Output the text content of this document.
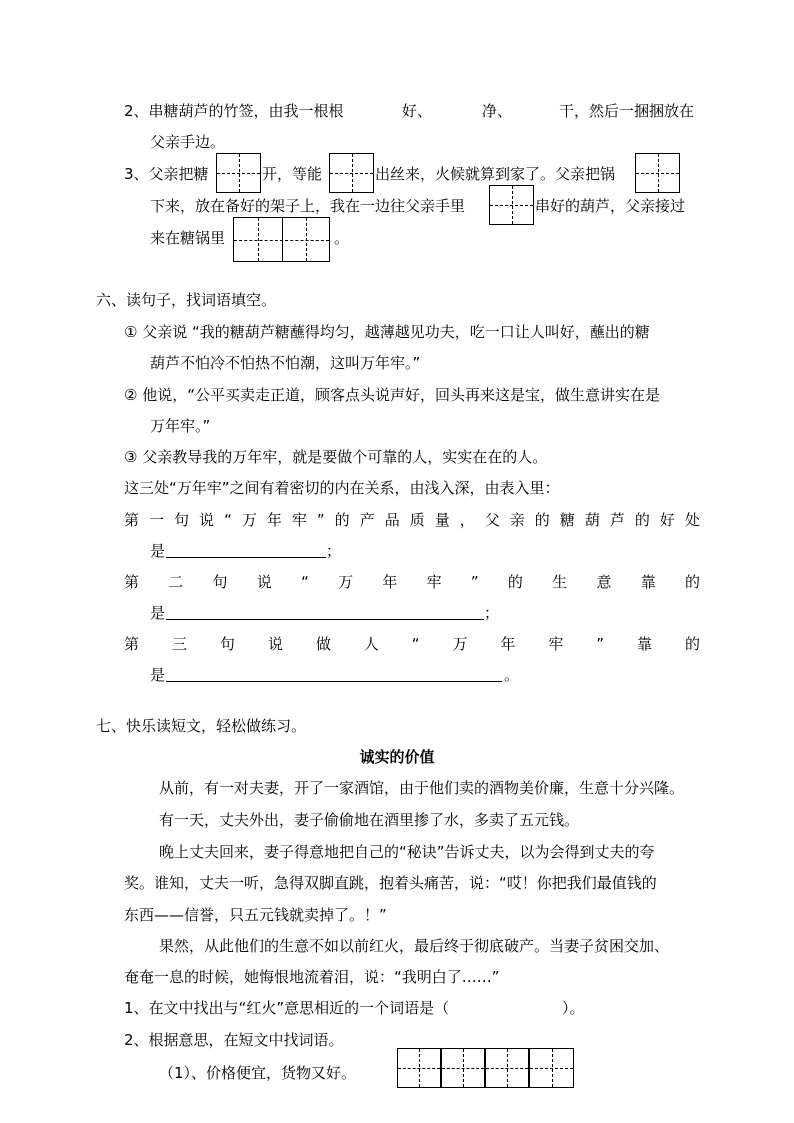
2、串糖葫芦的竹签，由我一根根	好、	净、	干，然后一捆捆放在
父亲手边。
3、父亲把糖	开，等能	出丝来，火候就算到家了。父亲把锅
下来，放在备好的架子上，我在一边往父亲手里	串好的葫芦，父亲接过
来在糖锅里	。
六、读句子，找词语填空。
① 父亲说 “我的糖葫芦糖蘸得均匀，越薄越见功夫，吃一口让人叫好，蘸出的糖
葫芦不怕冷不怕热不怕潮，这叫万年牢。”
② 他说，“公平买卖走正道，顾客点头说声好，回头再来这是宝，做生意讲实在是
万年牢。”
③ 父亲教导我的万年牢，就是要做个可靠的人，实实在在的人。
这三处“万年牢”之间有着密切的内在关系，由浅入深，由表入里：
第 一 句 说 “ 万 年 牢 ” 的 产 品 质 量 ， 父 亲 的 糖 葫 芦 的 好 处
是	；
第 二 句 说 “ 万 年 牢 ” 的 生 意 靠 的
是	；
第 三 句 说 做 人 “ 万 年 牢 ” 靠 的
是	。
七、快乐读短文，轻松做练习。
诚实的价值
从前，有一对夫妻，开了一家酒馆，由于他们卖的酒物美价廉，生意十分兴隆。
有一天，丈夫外出，妻子偷偷地在酒里掺了水，多卖了五元钱。
晚上丈夫回来，妻子得意地把自己的“秘诀”告诉丈夫，以为会得到丈夫的夸
奖。谁知，丈夫一听，急得双脚直跳，抱着头痛苦，说：“哎！你把我们最值钱的
东西——信誉，只五元钱就卖掉了。！”
果然，从此他们的生意不如以前红火，最后终于彻底破产。当妻子贫困交加、
奄奄一息的时候，她悔恨地流着泪，说：“我明白了……”
1、在文中找出与“红火”意思相近的一个词语是（	）。
2、根据意思，在短文中找词语。
（1）、价格便宜，货物又好。
